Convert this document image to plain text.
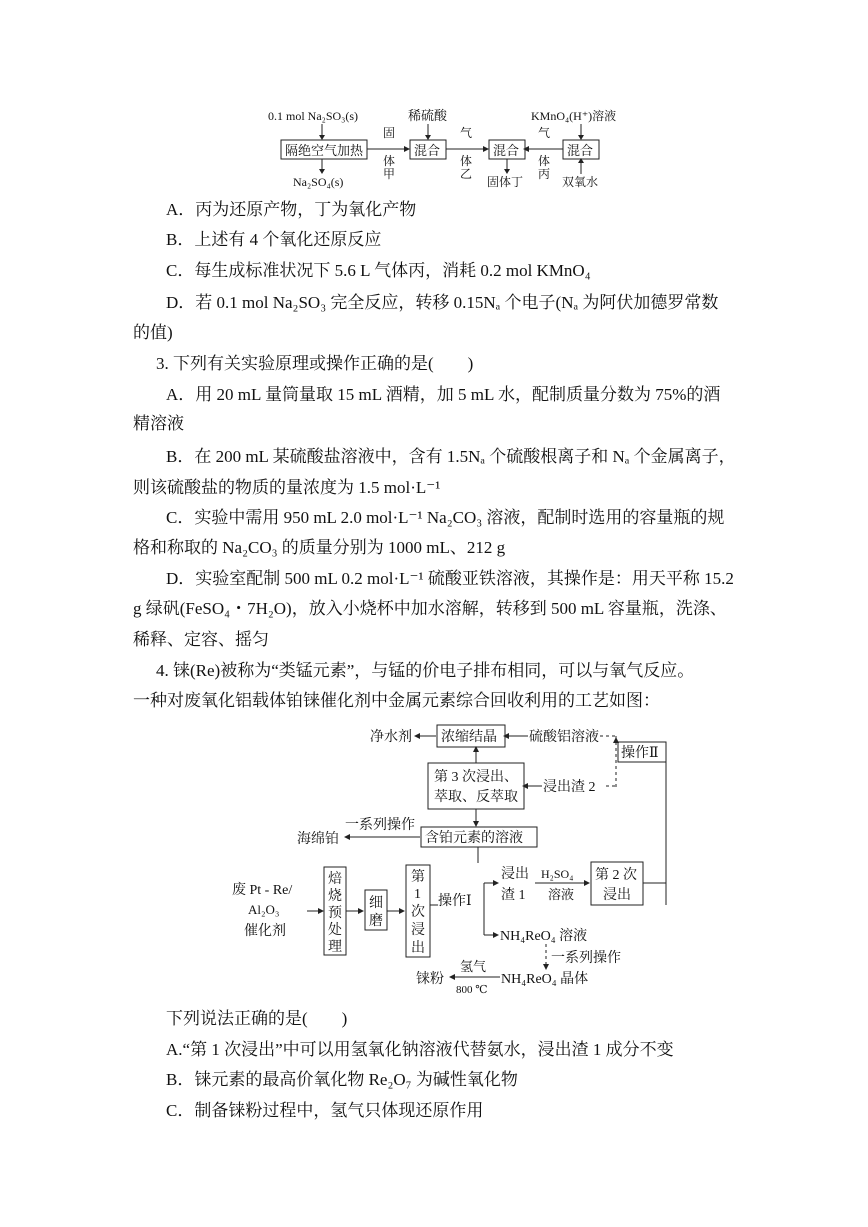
0.1 mol Na₂SO₃(s)
隔绝空气加热
Na₂SO₄(s)
固
体
甲
稀硫酸
混合
气
体
乙
混合
固体丁
气
体
丙
KMnO₄(H⁺)溶液
混合
双氧水
A．丙为还原产物，丁为氧化产物
B．上述有 4 个氧化还原反应
C．每生成标准状况下 5.6 L 气体丙，消耗 0.2 mol KMnO₄
D．若 0.1 mol Na₂SO₃ 完全反应，转移 0.15Nₐ 个电子(Nₐ 为阿伏加德罗常数
的值)
3. 下列有关实验原理或操作正确的是(　　)
A．用 20 mL 量筒量取 15 mL 酒精，加 5 mL 水，配制质量分数为 75%的酒
精溶液
B．在 200 mL 某硫酸盐溶液中，含有 1.5Nₐ 个硫酸根离子和 Nₐ 个金属离子，
则该硫酸盐的物质的量浓度为 1.5 mol·L⁻¹
C．实验中需用 950 mL 2.0 mol·L⁻¹ Na₂CO₃ 溶液，配制时选用的容量瓶的规
格和称取的 Na₂CO₃ 的质量分别为 1000 mL、212 g
D．实验室配制 500 mL 0.2 mol·L⁻¹ 硫酸亚铁溶液，其操作是：用天平称 15.2
g 绿矾(FeSO₄・7H₂O)，放入小烧杯中加水溶解，转移到 500 mL 容量瓶，洗涤、
稀释、定容、摇匀
4. 铼(Re)被称为“类锰元素”，与锰的价电子排布相同，可以与氧气反应。
一种对废氧化铝载体铂铼催化剂中金属元素综合回收利用的工艺如图：
净水剂 浓缩结晶 硫酸铝溶液
操作Ⅱ
第 3 次浸出、
萃取、反萃取
浸出渣 2
海绵铂
一系列操作
含铂元素的溶液
废 Pt - Re/
Al₂O₃
催化剂
焙
烧
预
处
理
细
磨
第
1
次
浸
出
操作Ⅰ
浸出
渣 1
H₂SO₄
溶液
第 2 次
浸出
NH₄ReO₄ 溶液
一系列操作
铼粉
氢气
800 ℃
NH₄ReO₄ 晶体
下列说法正确的是(　　)
A.“第 1 次浸出”中可以用氢氧化钠溶液代替氨水，浸出渣 1 成分不变
B．铼元素的最高价氧化物 Re₂O₇ 为碱性氧化物
C．制备铼粉过程中，氢气只体现还原作用
